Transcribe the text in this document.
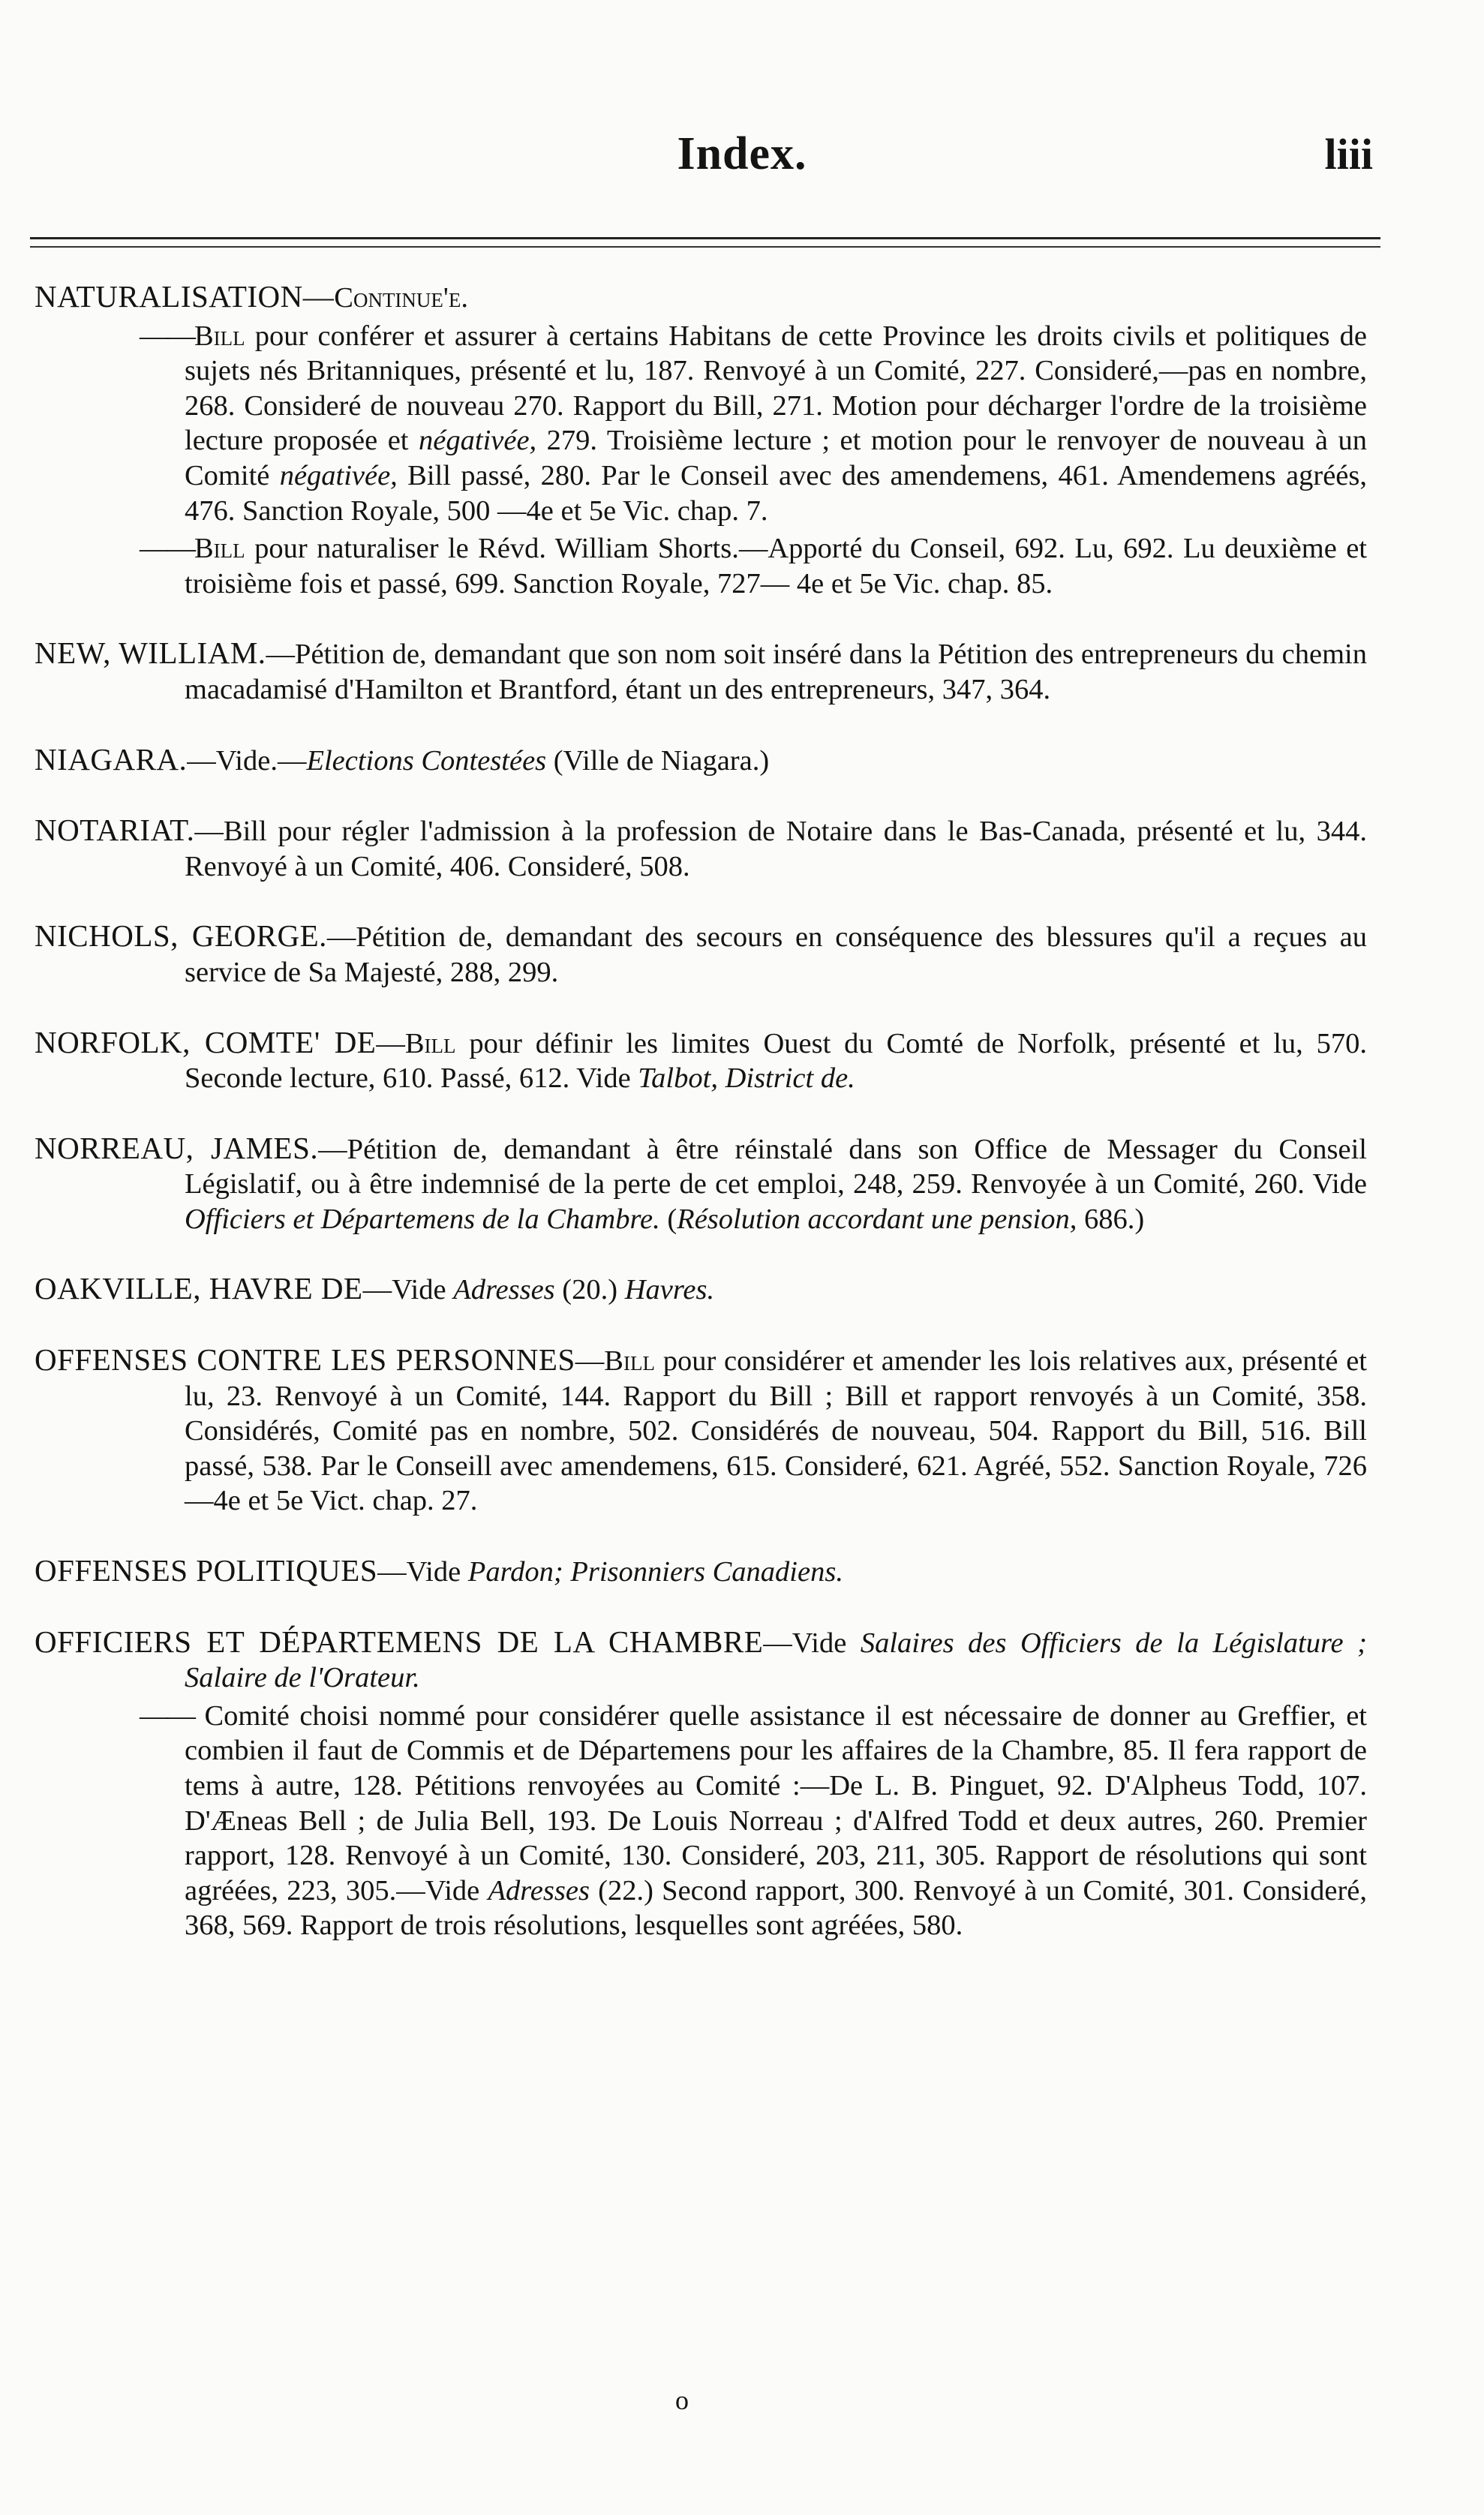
Index.	liii
NATURALISATION—Continue'e.
——Bill pour conférer et assurer à certains Habitans de cette Province les droits civils et politiques de sujets nés Britanniques, présenté et lu, 187. Renvoyé à un Comité, 227. Consideré,—pas en nombre, 268. Consideré de nouveau 270. Rapport du Bill, 271. Motion pour décharger l'ordre de la troisième lecture proposée et négativée, 279. Troisième lecture ; et motion pour le renvoyer de nouveau à un Comité négativée, Bill passé, 280. Par le Conseil avec des amendemens, 461. Amendemens agréés, 476. Sanction Royale, 500 —4e et 5e Vic. chap. 7.
——Bill pour naturaliser le Révd. William Shorts.—Apporté du Conseil, 692. Lu, 692. Lu deuxième et troisième fois et passé, 699. Sanction Royale, 727— 4e et 5e Vic. chap. 85.
NEW, WILLIAM.—Pétition de, demandant que son nom soit inséré dans la Pétition des entrepreneurs du chemin macadamisé d'Hamilton et Brantford, étant un des entrepreneurs, 347, 364.
NIAGARA.—Vide.—Elections Contestées (Ville de Niagara.)
NOTARIAT.—Bill pour régler l'admission à la profession de Notaire dans le Bas-Canada, présenté et lu, 344. Renvoyé à un Comité, 406. Consideré, 508.
NICHOLS, GEORGE.—Pétition de, demandant des secours en conséquence des blessures qu'il a reçues au service de Sa Majesté, 288, 299.
NORFOLK, COMTE' DE—Bill pour définir les limites Ouest du Comté de Norfolk, présenté et lu, 570. Seconde lecture, 610. Passé, 612. Vide Talbot, District de.
NORREAU, JAMES.—Pétition de, demandant à être réinstalé dans son Office de Messager du Conseil Législatif, ou à être indemnisé de la perte de cet emploi, 248, 259. Renvoyée à un Comité, 260. Vide Officiers et Départemens de la Chambre. (Résolution accordant une pension, 686.)
OAKVILLE, HAVRE DE—Vide Adresses (20.) Havres.
OFFENSES CONTRE LES PERSONNES—Bill pour considérer et amender les lois relatives aux, présenté et lu, 23. Renvoyé à un Comité, 144. Rapport du Bill ; Bill et rapport renvoyés à un Comité, 358. Considérés, Comité pas en nombre, 502. Considérés de nouveau, 504. Rapport du Bill, 516. Bill passé, 538. Par le Conseill avec amendemens, 615. Consideré, 621. Agréé, 552. Sanction Royale, 726—4e et 5e Vict. chap. 27.
OFFENSES POLITIQUES—Vide Pardon; Prisonniers Canadiens.
OFFICIERS ET DÉPARTEMENS DE LA CHAMBRE—Vide Salaires des Officiers de la Législature ; Salaire de l'Orateur.
—— Comité choisi nommé pour considérer quelle assistance il est nécessaire de donner au Greffier, et combien il faut de Commis et de Départemens pour les affaires de la Chambre, 85. Il fera rapport de tems à autre, 128. Pétitions renvoyées au Comité :—De L. B. Pinguet, 92. D'Alpheus Todd, 107. D'Æneas Bell ; de Julia Bell, 193. De Louis Norreau ; d'Alfred Todd et deux autres, 260. Premier rapport, 128. Renvoyé à un Comité, 130. Consideré, 203, 211, 305. Rapport de résolutions qui sont agréées, 223, 305.—Vide Adresses (22.) Second rapport, 300. Renvoyé à un Comité, 301. Consideré, 368, 569. Rapport de trois résolutions, lesquelles sont agréées, 580.
o
